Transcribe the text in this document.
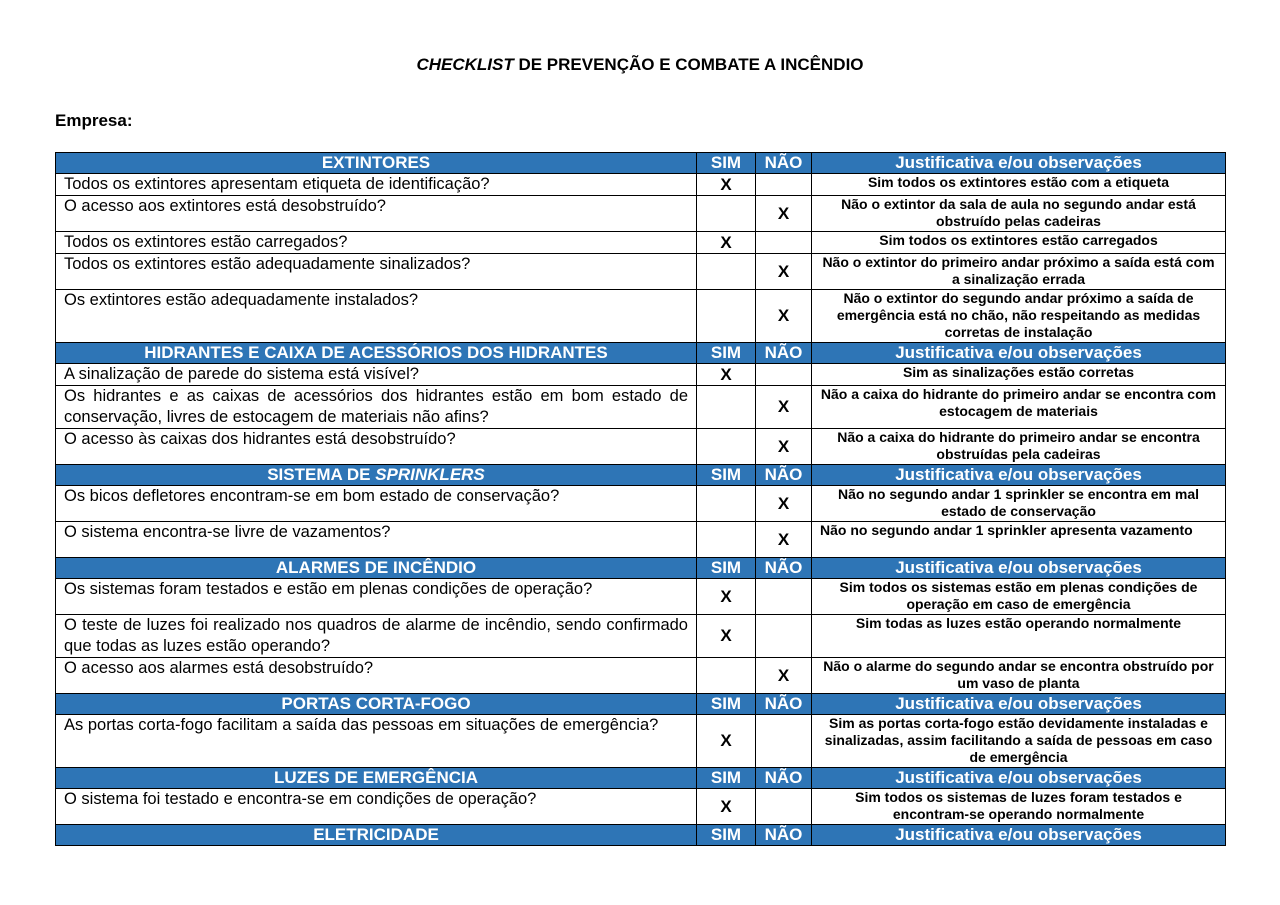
CHECKLIST DE PREVENÇÃO E COMBATE A INCÊNDIO
Empresa:
EXTINTORES	SIM	NÃO	Justificativa e/ou observações
Todos os extintores apresentam etiqueta de identificação?	X		Sim todos os extintores estão com a etiqueta
O acesso aos extintores está desobstruído?		X	Não o extintor da sala de aula no segundo andar está obstruído pelas cadeiras
Todos os extintores estão carregados?	X		Sim todos os extintores estão carregados
Todos os extintores estão adequadamente sinalizados?		X	Não o extintor do primeiro andar próximo a saída está com a sinalização errada
Os extintores estão adequadamente instalados?		X	Não o extintor do segundo andar próximo a saída de emergência está no chão, não respeitando as medidas corretas de instalação
HIDRANTES E CAIXA DE ACESSÓRIOS DOS HIDRANTES	SIM	NÃO	Justificativa e/ou observações
A sinalização de parede do sistema está visível?	X		Sim as sinalizações estão corretas
Os hidrantes e as caixas de acessórios dos hidrantes estão em bom estado de conservação, livres de estocagem de materiais não afins?		X	Não a caixa do hidrante do primeiro andar se encontra com estocagem de materiais
O acesso às caixas dos hidrantes está desobstruído?		X	Não a caixa do hidrante do primeiro andar se encontra obstruídas pela cadeiras
SISTEMA DE SPRINKLERS	SIM	NÃO	Justificativa e/ou observações
Os bicos defletores encontram-se em bom estado de conservação?		X	Não no segundo andar 1 sprinkler se encontra em mal estado de conservação
O sistema encontra-se livre de vazamentos?		X	Não no segundo andar 1 sprinkler apresenta vazamento
ALARMES DE INCÊNDIO	SIM	NÃO	Justificativa e/ou observações
Os sistemas foram testados e estão em plenas condições de operação?	X		Sim todos os sistemas estão em plenas condições de operação em caso de emergência
O teste de luzes foi realizado nos quadros de alarme de incêndio, sendo confirmado que todas as luzes estão operando?	X		Sim todas as luzes estão operando normalmente
O acesso aos alarmes está desobstruído?		X	Não o alarme do segundo andar se encontra obstruído por um vaso de planta
PORTAS CORTA-FOGO	SIM	NÃO	Justificativa e/ou observações
As portas corta-fogo facilitam a saída das pessoas em situações de emergência?	X		Sim as portas corta-fogo estão devidamente instaladas e sinalizadas, assim facilitando a saída de pessoas em caso de emergência
LUZES DE EMERGÊNCIA	SIM	NÃO	Justificativa e/ou observações
O sistema foi testado e encontra-se em condições de operação?	X		Sim todos os sistemas de luzes foram testados e encontram-se operando normalmente
ELETRICIDADE	SIM	NÃO	Justificativa e/ou observações
